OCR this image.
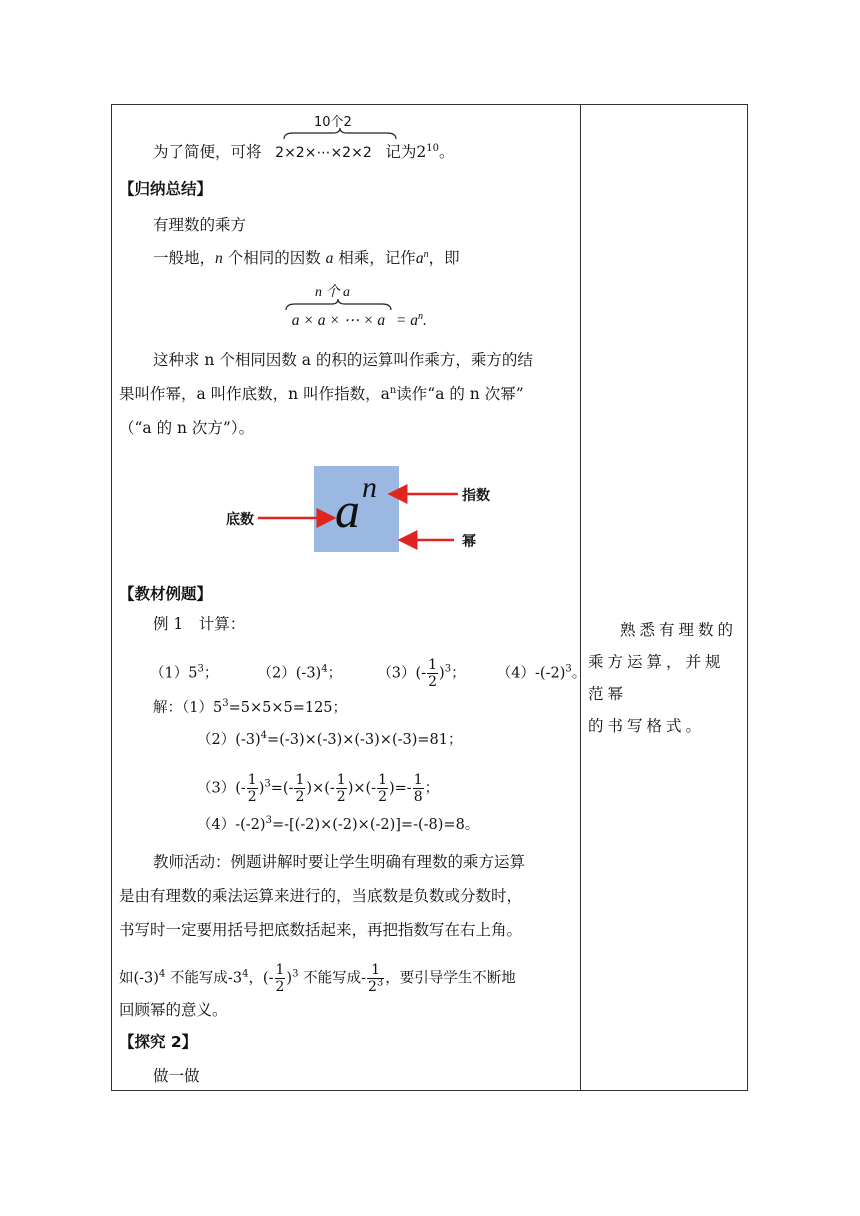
10个2
为了简便，可将 2×2×⋯×2×2 记为$2^{10}$。
【归纳总结】
有理数的乘方
一般地，n 个相同的因数 a 相乘，记作$a^n$，即
n 个 a
a × a × ⋯ × $a = a^n$.
这种求 n 个相同因数 a 的积的运算叫作乘方，乘方的结
果叫作幂，a 叫作底数，n 叫作指数，$a^n$读作“a 的 n 次幂”
（“a 的 n 次方”）。
a n
底数
指数
幂
【教材例题】
例 1　计算：
$(1)5^3$；	$(2)(-3)^4$； $(3)(- \frac{1}{2} )^3$； $(4)-(-2)^3$。
解：$(1)5^3=5\times 5\times 5=125$；
$(2)(-3)^4=(-3)\times(-3)\times(-3)\times(-3)=81$；
$(3)(- \frac{1}{2} )^3=(- \frac{1}{2}$ )×(- $\frac{1}{2}$ )×(- $\frac{1}{2}$ )=- $\frac{1}{8}$ ；
$(4)-(-2)^3=-[(-2)\times(-2)\times(-2)]=-(-8)=8$。
教师活动：例题讲解时要让学生明确有理数的乘方运算
是由有理数的乘法运算来进行的，当底数是负数或分数时，
书写时一定要用括号把底数括起来，再把指数写在右上角。
如$(-3)^4$ 不能写成$-3^4$，(- $\frac{1}{2} )^3$ 不能写成- $\frac{1}{2^3}$ ，要引导学生不断地
回顾幂的意义。
【探究 2】
做一做
熟悉有理数的
乘方运算，并规范幂
的书写格式。
